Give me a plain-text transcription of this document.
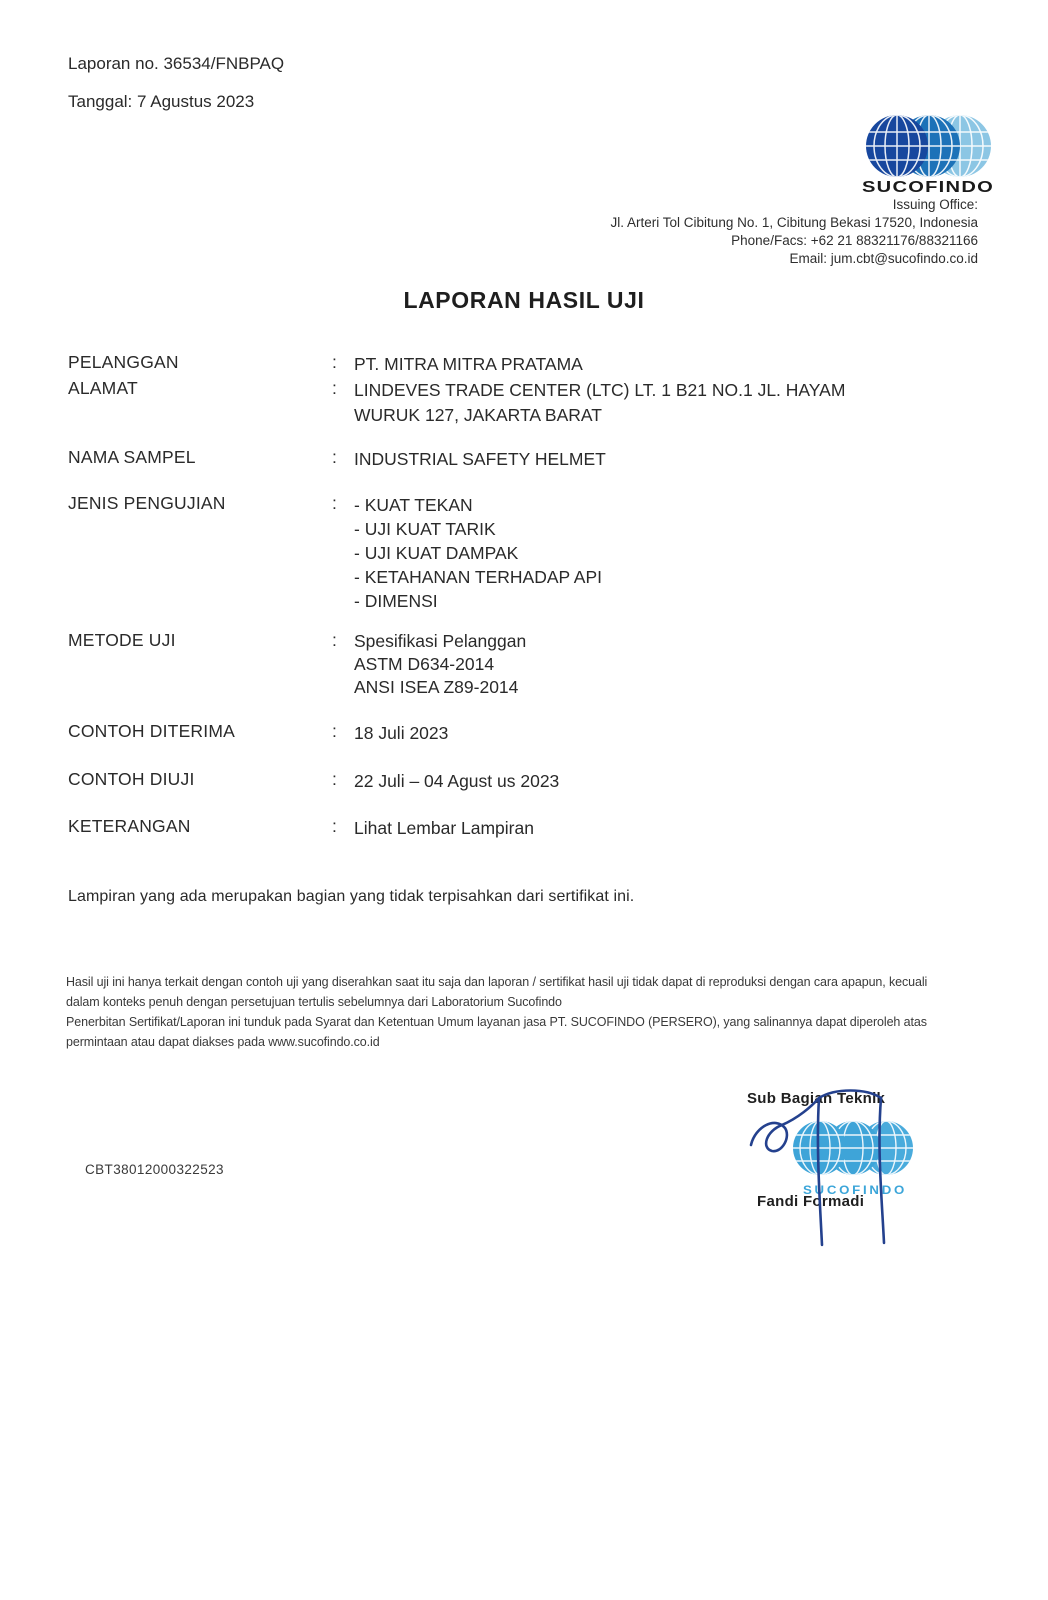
Laporan no. 36534/FNBPAQ
Tanggal: 7 Agustus 2023
SUCOFINDO
Issuing Office:
Jl. Arteri Tol Cibitung No. 1, Cibitung Bekasi 17520, Indonesia
Phone/Facs: +62 21 88321176/88321166
Email: jum.cbt@sucofindo.co.id
LAPORAN HASIL UJI
PELANGGAN	: PT. MITRA MITRA PRATAMA
ALAMAT	: LINDEVES TRADE CENTER (LTC) LT. 1 B21 NO.1 JL. HAYAM
WURUK 127, JAKARTA BARAT
NAMA SAMPEL	: INDUSTRIAL SAFETY HELMET
JENIS PENGUJIAN	: - KUAT TEKAN
- UJI KUAT TARIK
- UJI KUAT DAMPAK
- KETAHANAN TERHADAP API
- DIMENSI
METODE UJI	: Spesifikasi Pelanggan
ASTM D634-2014
ANSI ISEA Z89-2014
CONTOH DITERIMA	: 18 Juli 2023
CONTOH DIUJI	: 22 Juli – 04 Agust us 2023
KETERANGAN	: Lihat Lembar Lampiran
Lampiran yang ada merupakan bagian yang tidak terpisahkan dari sertifikat ini.
Hasil uji ini hanya terkait dengan contoh uji yang diserahkan saat itu saja dan laporan / sertifikat hasil uji tidak dapat di reproduksi dengan cara apapun, kecuali
dalam konteks penuh dengan persetujuan tertulis sebelumnya dari Laboratorium Sucofindo
Penerbitan Sertifikat/Laporan ini tunduk pada Syarat dan Ketentuan Umum layanan jasa PT. SUCOFINDO (PERSERO), yang salinannya dapat diperoleh atas
permintaan atau dapat diakses pada www.sucofindo.co.id
Sub Bagian Teknik
SUCOFINDO
Fandi Formadi
CBT38012000322523
